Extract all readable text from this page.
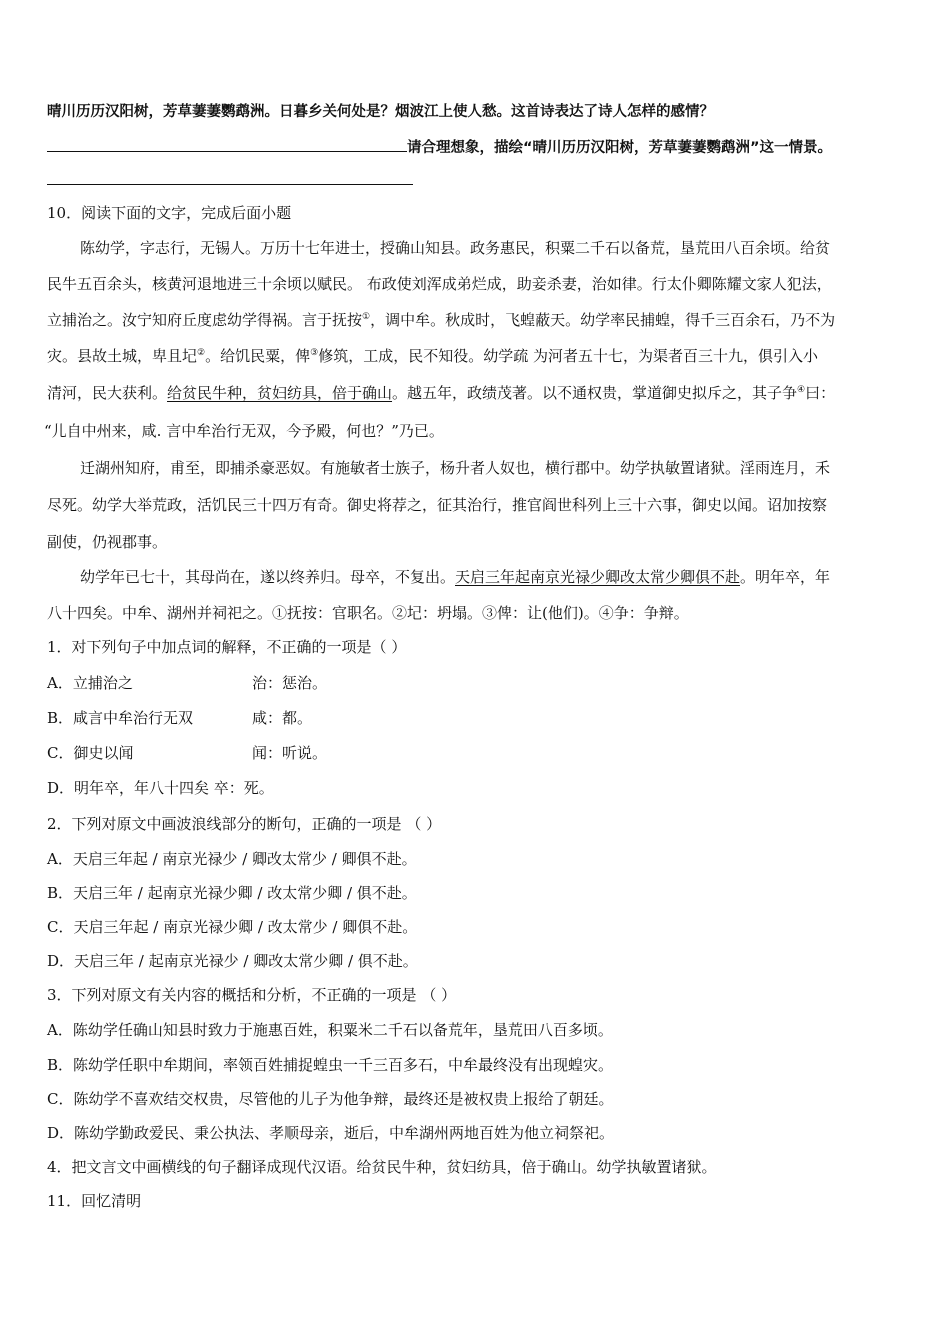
晴川历历汉阳树，芳草萋萋鹦鹉洲。日暮乡关何处是？烟波江上使人愁。这首诗表达了诗人怎样的感情？
请合理想象，描绘“晴川历历汉阳树，芳草萋萋鹦鹉洲”这一情景。
10．阅读下面的文字，完成后面小题
陈幼学，字志行，无锡人。万历十七年进士，授确山知县。政务惠民，积粟二千石以备荒，垦荒田八百余顷。给贫
民牛五百余头，核黄河退地进三十余顷以赋民。 布政使刘浑成弟烂成，助妾杀妻，治如律。行太仆卿陈耀文家人犯法，
立捕治之。汝宁知府丘度虑幼学得祸。言于抚按①，调中牟。秋成时，飞蝗蔽天。幼学率民捕蝗，得千三百余石，乃不为
灾。县故土城，卑且圮②。给饥民粟，俾③修筑，工成，民不知役。幼学疏 为河者五十七，为渠者百三十九，俱引入小
清河，民大获利。给贫民牛种，贫妇纺具，倍于确山。越五年，政绩茂著。以不通权贵，掌道御史拟斥之，其子争④曰：
“儿自中州来，咸. 言中牟治行无双，今予殿，何也？”乃已。
迁湖州知府，甫至，即捕杀豪恶奴。有施敏者士族子，杨升者人奴也，横行郡中。幼学执敏置诸狱。淫雨连月，禾
尽死。幼学大举荒政，活饥民三十四万有奇。御史将荐之，征其治行，推官阎世科列上三十六事，御史以闻。诏加按察
副使，仍视郡事。
幼学年已七十，其母尚在，遂以终养归。母卒，不复出。天启三年起南京光禄少卿改太常少卿俱不赴。明年卒，年
八十四矣。中牟、湖州并祠祀之。①抚按：官职名。②圮：坍塌。③俾：让(他们)。④争：争辩。
1．对下列句子中加点词的解释，不正确的一项是（ ）
A．立捕治之	治：惩治。
B．咸言中牟治行无双	咸：都。
C．御史以闻	闻：听说。
D．明年卒，年八十四矣 卒：死。
2．下列对原文中画波浪线部分的断句，正确的一项是 （ ）
A．天启三年起 / 南京光禄少 / 卿改太常少 / 卿俱不赴。
B．天启三年 / 起南京光禄少卿 / 改太常少卿 / 俱不赴。
C．天启三年起 / 南京光禄少卿 / 改太常少 / 卿俱不赴。
D．天启三年 / 起南京光禄少 / 卿改太常少卿 / 俱不赴。
3．下列对原文有关内容的概括和分析，不正确的一项是 （ ）
A．陈幼学任确山知县时致力于施惠百姓，积粟米二千石以备荒年，垦荒田八百多顷。
B．陈幼学任职中牟期间，率领百姓捕捉蝗虫一千三百多石，中牟最终没有出现蝗灾。
C．陈幼学不喜欢结交权贵，尽管他的儿子为他争辩，最终还是被权贵上报给了朝廷。
D．陈幼学勤政爱民、秉公执法、孝顺母亲，逝后，中牟湖州两地百姓为他立祠祭祀。
4．把文言文中画横线的句子翻译成现代汉语。给贫民牛种，贫妇纺具，倍于确山。幼学执敏置诸狱。
11．回忆清明
